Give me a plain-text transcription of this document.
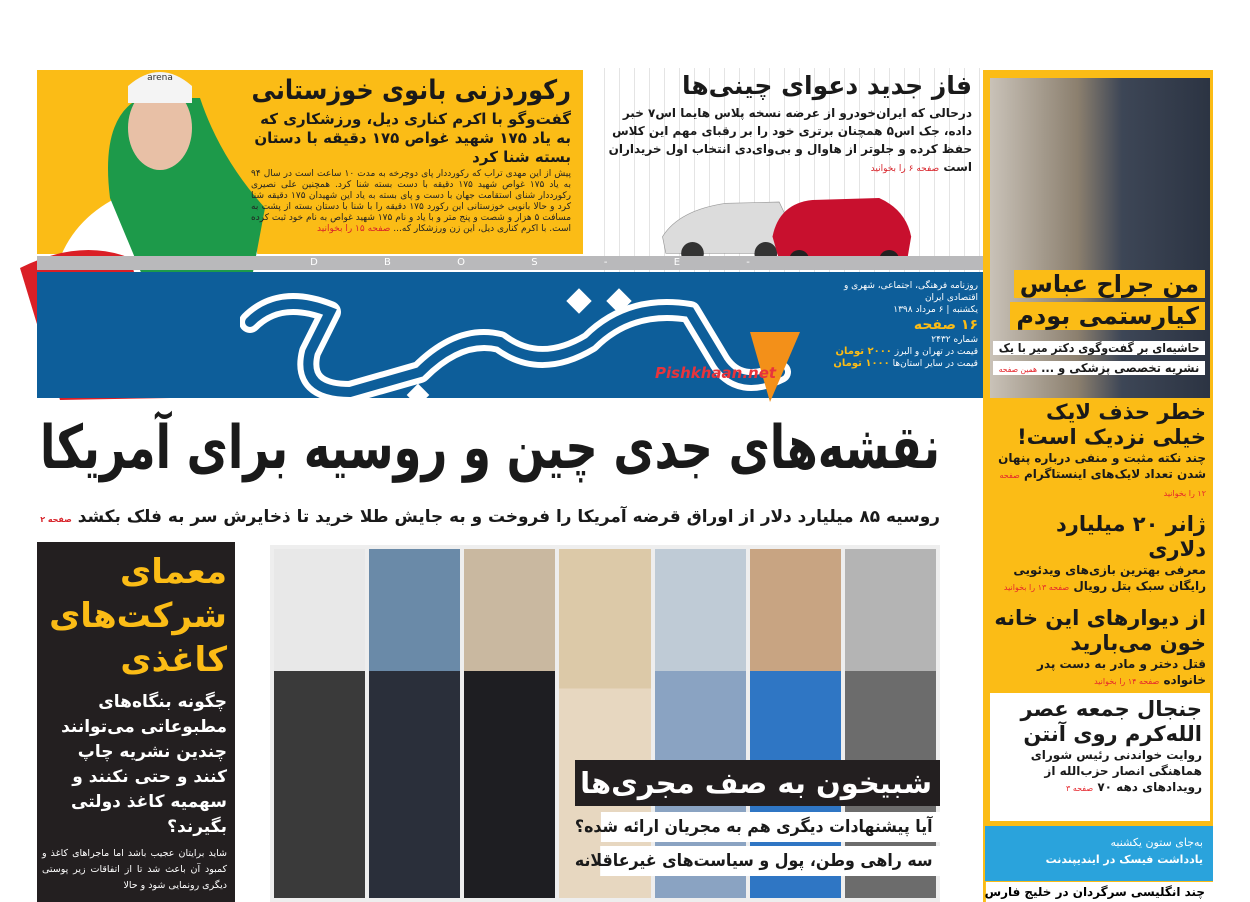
arena	رکوردزنی بانوی خوزستانی
گفت‌وگو با اکرم کناری دیل، ورزشکاری که به یاد ۱۷۵ شهید غواص ۱۷۵ دقیقه با دستان بسته شنا کرد
پیش از این مهدی تراب که رکورددار پای دوچرخه به مدت ۱۰ ساعت است در سال ۹۴ به یاد ۱۷۵ غواص شهید ۱۷۵ دقیقه با دست بسته شنا کرد. همچنین علی نصیری رکورددار شنای استقامت جهان با دست و پای بسته به یاد این شهیدان ۱۷۵ دقیقه شنا کرد و حالا بانویی خوزستانی این رکورد ۱۷۵ دقیقه را با شنا با دستان بسته از پشت به مسافت ۵ هزار و شصت و پنج متر و با یاد و نام ۱۷۵ شهید غواص به نام خود ثبت کرده است. با اکرم کناری دیل، این زن ورزشکار که... صفحه ۱۵ را بخوانید
فاز جدید دعوای چینی‌ها
درحالی که ایران‌خودرو از عرضه نسخه پلاس هایما اس۷ خبر داده، جک اس۵ همچنان برتری خود را بر رقبای مهم این کلاس حفظ کرده و جلوتر از هاوال و بی‌وای‌دی انتخاب اول خریداران است صفحه ۶ را بخوانید
D	B	O	S	-	E	-
Pishkhaan.net
روزنامه فرهنگی، اجتماعی، شهری و اقتصادی ایران
یکشنبه | ۶ مرداد ۱۳۹۸
۱۶ صفحه
شماره ۲۴۳۲
قیمت در تهران و البرز ۲۰۰۰ تومان
قیمت در سایر استان‌ها ۱۰۰۰ تومان
نقشه‌های جدی چین و روسیه برای آمریکا
روسیه ۸۵ میلیارد دلار از اوراق قرضه آمریکا را فروخت و به جایش طلا خرید تا ذخایرش سر به فلک بکشد صفحه ۲
من جراح عباس
کیارستمی بودم
حاشیه‌ای بر گفت‌وگوی دکتر میر با یک
نشریه تخصصی پزشکی و ... همین صفحه
خطر حذف لایک خیلی نزدیک است!
چند نکته مثبت و منفی درباره پنهان شدن تعداد لایک‌های اینستاگرام صفحه ۱۲ را بخوانید
ژانر ۲۰ میلیارد دلاری
معرفی بهترین بازی‌های ویدئویی رایگان سبک بتل رویال صفحه ۱۳ را بخوانید
از دیوارهای این خانه خون می‌بارید
قتل دختر و مادر به دست پدر خانواده صفحه ۱۴ را بخوانید
جنجال جمعه عصر الله‌کرم روی آنتن
روایت خواندنی رئیس شورای هماهنگی انصار حزب‌الله از رویدادهای دهه ۷۰ صفحه ۳
به‌جای ستون یکشنبه
یادداشت فیسک در ایندیپندنت
چند انگلیسی سرگردان در خلیج فارس
معمای شرکت‌های کاغذی
چگونه بنگاه‌های مطبوعاتی می‌توانند چندین نشریه چاپ کنند و حتی نکنند و سهمیه کاغذ دولتی بگیرند؟
شاید برایتان عجیب باشد اما ماجراهای کاغذ و کمبود آن باعث شد تا از اتفاقات زیر پوستی دیگری رونمایی شود و حالا
شبیخون به صف مجری‌ها
آیا پیشنهادات دیگری هم به مجریان ارائه شده؟
سه راهی وطن، پول و سیاست‌های غیرعاقلانه
